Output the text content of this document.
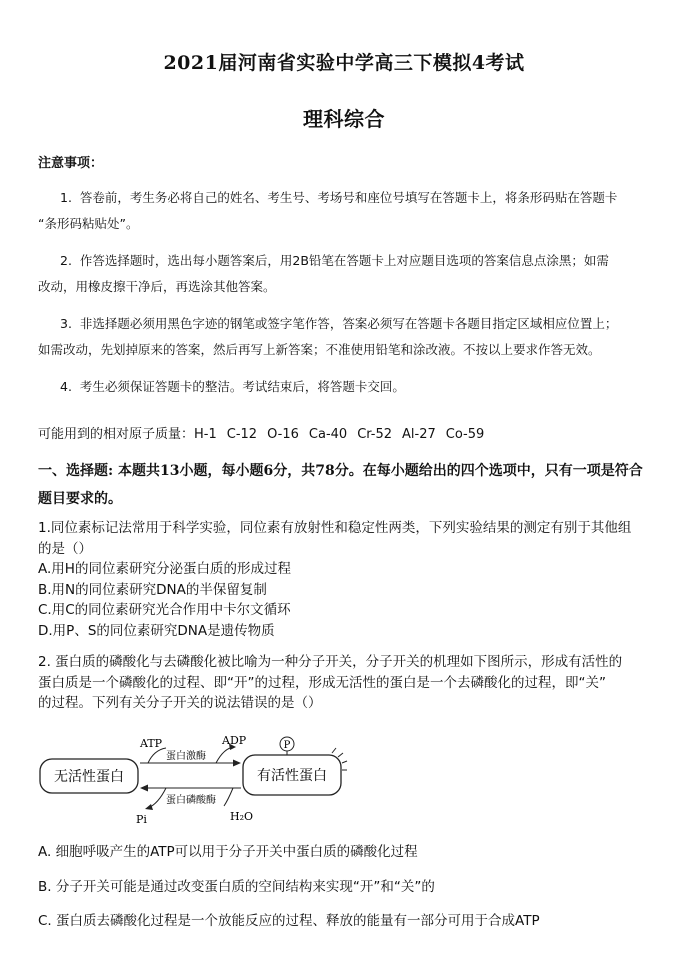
2021届河南省实验中学高三下模拟4考试
理科综合
注意事项：
1. 答卷前，考生务必将自己的姓名、考生号、考场号和座位号填写在答题卡上，将条形码贴在答题卡
“条形码粘贴处”。
2. 作答选择题时，选出每小题答案后，用2B铅笔在答题卡上对应题目选项的答案信息点涂黑；如需
改动，用橡皮擦干净后，再选涂其他答案。
3. 非选择题必须用黑色字迹的钢笔或签字笔作答，答案必须写在答题卡各题目指定区域相应位置上；
如需改动，先划掉原来的答案，然后再写上新答案；不准使用铅笔和涂改液。不按以上要求作答无效。
4. 考生必须保证答题卡的整洁。考试结束后，将答题卡交回。
可能用到的相对原子质量：H-1 C-12 O-16 Ca-40 Cr-52 Al-27 Co-59
一、选择题: 本题共13小题，每小题6分，共78分。在每小题给出的四个选项中，只有一项是符合
题目要求的。
1.同位素标记法常用于科学实验，同位素有放射性和稳定性两类，下列实验结果的测定有别于其他组
的是（）
A.用H的同位素研究分泌蛋白质的形成过程
B.用N的同位素研究DNA的半保留复制
C.用C的同位素研究光合作用中卡尔文循环
D.用P、S的同位素研究DNA是遗传物质
2. 蛋白质的磷酸化与去磷酸化被比喻为一种分子开关，分子开关的机理如下图所示，形成有活性的
蛋白质是一个磷酸化的过程、即“开”的过程，形成无活性的蛋白是一个去磷酸化的过程，即“关”
的过程。下列有关分子开关的说法错误的是（）
无活性蛋白	有活性蛋白
P
ATP	ADP
蛋白激酶
蛋白磷酸酶
Pi	H₂O
A. 细胞呼吸产生的ATP可以用于分子开关中蛋白质的磷酸化过程
B. 分子开关可能是通过改变蛋白质的空间结构来实现“开”和“关”的
C. 蛋白质去磷酸化过程是一个放能反应的过程、释放的能量有一部分可用于合成ATP
